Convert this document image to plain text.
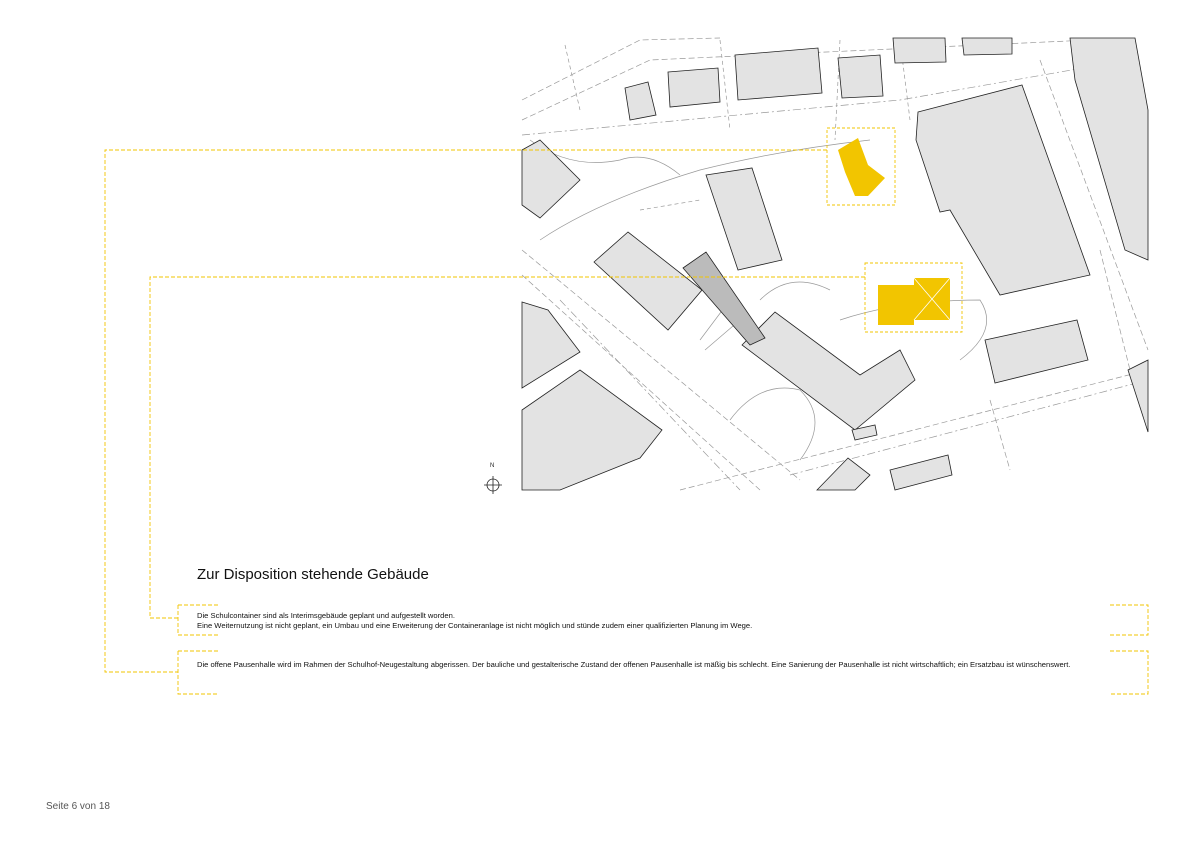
N
Zur Disposition stehende Gebäude

Die Schulcontainer sind als Interimsgebäude geplant und aufgestellt worden.

Eine Weiternutzung ist nicht geplant, ein Umbau und eine Erweiterung der Containeranlage ist nicht möglich und stünde zudem einer qualifizierten Planung im Wege.

Die offene Pausenhalle wird im Rahmen der Schulhof-Neugestaltung abgerissen. Der bauliche und gestalterische Zustand der offenen Pausenhalle ist mäßig bis schlecht. Eine Sanierung der Pausenhalle ist nicht wirtschaftlich; ein Ersatzbau ist wünschenswert.

Seite 6 von 18
